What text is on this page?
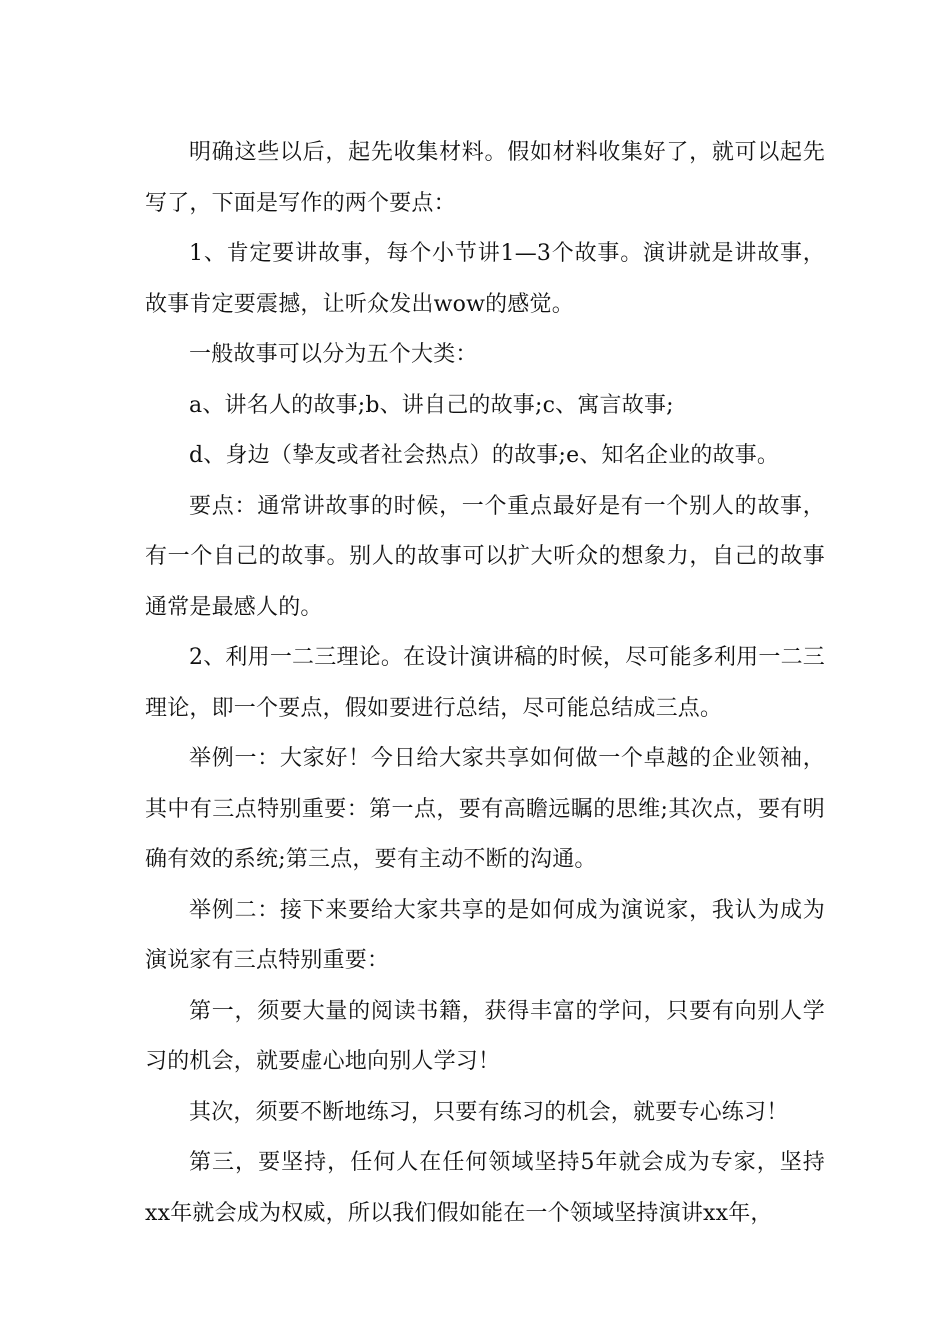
明确这些以后，起先收集材料。假如材料收集好了，就可以起先写了，下面是写作的两个要点：

1、肯定要讲故事，每个小节讲1—3个故事。演讲就是讲故事，故事肯定要震撼，让听众发出wow的感觉。

一般故事可以分为五个大类：

a、讲名人的故事;b、讲自己的故事;c、寓言故事;

d、身边（挚友或者社会热点）的故事;e、知名企业的故事。

要点：通常讲故事的时候，一个重点最好是有一个别人的故事，有一个自己的故事。别人的故事可以扩大听众的想象力，自己的故事通常是最感人的。

2、利用一二三理论。在设计演讲稿的时候，尽可能多利用一二三理论，即一个要点，假如要进行总结，尽可能总结成三点。

举例一：大家好！今日给大家共享如何做一个卓越的企业领袖，其中有三点特别重要：第一点，要有高瞻远瞩的思维;其次点，要有明确有效的系统;第三点，要有主动不断的沟通。

举例二：接下来要给大家共享的是如何成为演说家，我认为成为演说家有三点特别重要：

第一，须要大量的阅读书籍，获得丰富的学问，只要有向别人学习的机会，就要虚心地向别人学习！

其次，须要不断地练习，只要有练习的机会，就要专心练习！

第三，要坚持，任何人在任何领域坚持5年就会成为专家，坚持xx年就会成为权威，所以我们假如能在一个领域坚持演讲xx年，
